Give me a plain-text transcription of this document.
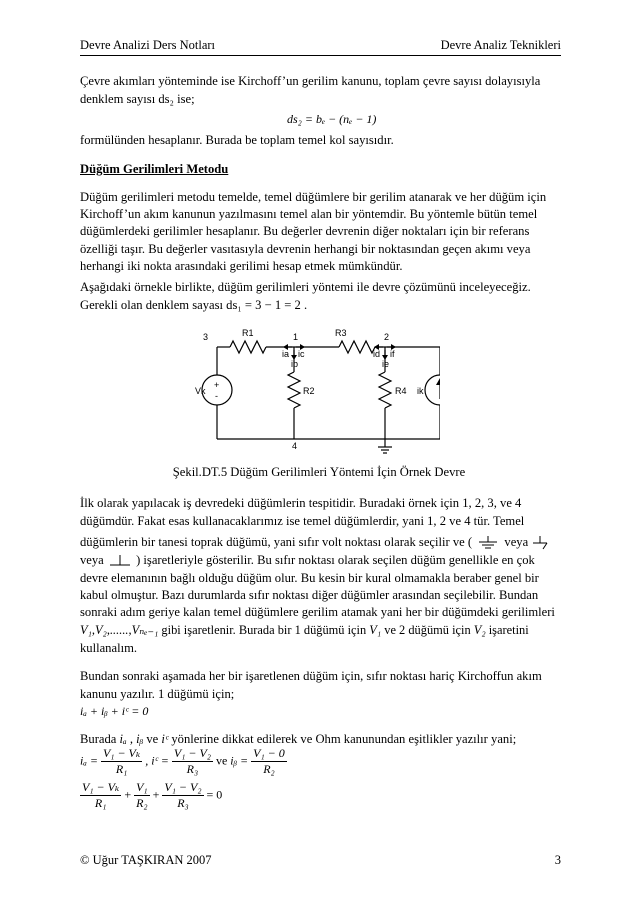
Devre Analizi Ders Notları	Devre Analiz Teknikleri
Çevre akımları yönteminde ise Kirchoff’un gerilim kanunu, toplam çevre sayısı dolayısıyla
denklem sayısı ds₂ ise;
ds₂ = bₑ − (nₑ − 1)
formülünden hesaplanır. Burada be toplam temel kol sayısıdır.
Düğüm Gerilimleri Metodu
Düğüm gerilimleri metodu temelde, temel düğümlere bir gerilim atanarak ve her düğüm için Kirchoff’un akım kanunun yazılmasını temel alan bir yöntemdir. Bu yöntemle bütün temel düğümlerdeki gerilimler hesaplanır. Bu değerler devrenin diğer noktaları için bir referans özelliği taşır. Bu değerler vasıtasıyla devrenin herhangi bir noktasından geçen akımı veya herhangi iki nokta arasındaki gerilimi hesap etmek mümkündür.
Aşağıdaki örnekle birlikte, düğüm gerilimleri yöntemi ile devre çözümünü inceleyeceğiz.
Gerekli olan denklem sayası ds₁ = 3 − 1 = 2 .
3	1	2
4
R1	R3
R2	R4
Vk	ik
+
-
ia ic
ib
id if
ie
Şekil.DT.5 Düğüm Gerilimleri Yöntemi İçin Örnek Devre
İlk olarak yapılacak iş devredeki düğümlerin tespitidir. Buradaki örnek için 1, 2, 3, ve 4
düğümdür. Fakat esas kullanacaklarımız ise temel düğümlerdir, yani 1, 2 ve 4 tür. Temel
düğümlerin bir tanesi toprak düğümü, yani sıfır volt noktası olarak seçilir ve (	veya
veya	) işaretleriyle gösterilir. Bu sıfır noktası olarak seçilen düğüm genellikle en çok
devre elemanının bağlı olduğu düğüm olur. Bu kesin bir kural olmamakla beraber genel bir kabul olmuştur. Bazı durumlarda sıfır noktası diğer düğümler arasından seçilebilir. Bundan sonraki adım geriye kalan temel düğümlere gerilim atamak yani her bir düğümdeki gerilimleri
V₁,V₂,......,Vₙₑ₋₁ gibi işaretlenir. Burada bir 1 düğümü için V₁ ve 2 düğümü için V₂ işaretini
kullanalım.
Bundan sonraki aşamada her bir işaretlenen düğüm için, sıfır noktası hariç Kirchoffun akım
kanunu yazılır. 1 düğümü için;
iₐ + iᵦ + iᶜ = 0
Burada iₐ , iᵦ ve iᶜ yönlerine dikkat edilerek ve Ohm kanunundan eşitlikler yazılır yani;
$i_a = \frac{\text{V₁ − Vₖ}}{\text{R₁}}$ , iᶜ = $\frac{\text{V₁ − V₂}}{\text{R₃}}$ ve iᵦ = $\frac{\text{V₁ − 0}}{\text{R₂}}$
$\frac{\text{V₁ − Vₖ}}{\text{R₁}} + \frac{\text{V₁}}{\text{R₂}} + \frac{\text{V₁ − V₂}}{\text{R₃}} = 0$
© Uğur TAŞKIRAN 2007	3
